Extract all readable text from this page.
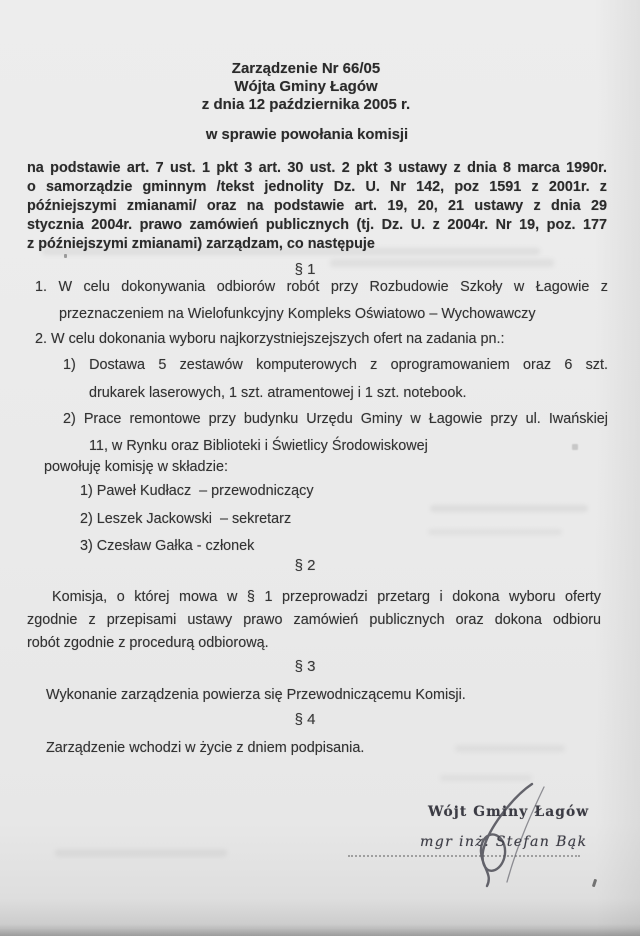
Zarządzenie Nr 66/05
Wójta Gminy Łagów
z dnia 12 października 2005 r.
w sprawie powołania komisji
na podstawie art. 7 ust. 1 pkt 3 art. 30 ust. 2 pkt 3 ustawy z dnia 8 marca 1990r.
o samorządzie gminnym /tekst jednolity Dz. U. Nr 142, poz 1591 z 2001r. z
późniejszymi zmianami/ oraz na podstawie art. 19, 20, 21 ustawy z dnia 29
stycznia 2004r. prawo zamówień publicznych (tj. Dz. U. z 2004r. Nr 19, poz. 177
z późniejszymi zmianami) zarządzam, co następuje
§ 1
1. W celu dokonywania odbiorów robót przy Rozbudowie Szkoły w Łagowie z
przeznaczeniem na Wielofunkcyjny Kompleks Oświatowo – Wychowawczy
2. W celu dokonania wyboru najkorzystniejszejszych ofert na zadania pn.:
1) Dostawa 5 zestawów komputerowych z oprogramowaniem oraz 6 szt.
drukarek laserowych, 1 szt. atramentowej i 1 szt. notebook.
2) Prace remontowe przy budynku Urzędu Gminy w Łagowie przy ul. Iwańskiej
11, w Rynku oraz Biblioteki i Świetlicy Środowiskowej
powołuję komisję w składzie:
1) Paweł Kudłacz  – przewodniczący
2) Leszek Jackowski  – sekretarz
3) Czesław Gałka - członek
§ 2
Komisja, o której mowa w § 1 przeprowadzi przetarg i dokona wyboru oferty
zgodnie z przepisami ustawy prawo zamówień publicznych oraz dokona odbioru
robót zgodnie z procedurą odbiorową.
§ 3
Wykonanie zarządzenia powierza się Przewodniczącemu Komisji.
§ 4
Zarządzenie wchodzi w życie z dniem podpisania.
Wójt Gminy Łagów
mgr inż. Stefan Bąk
